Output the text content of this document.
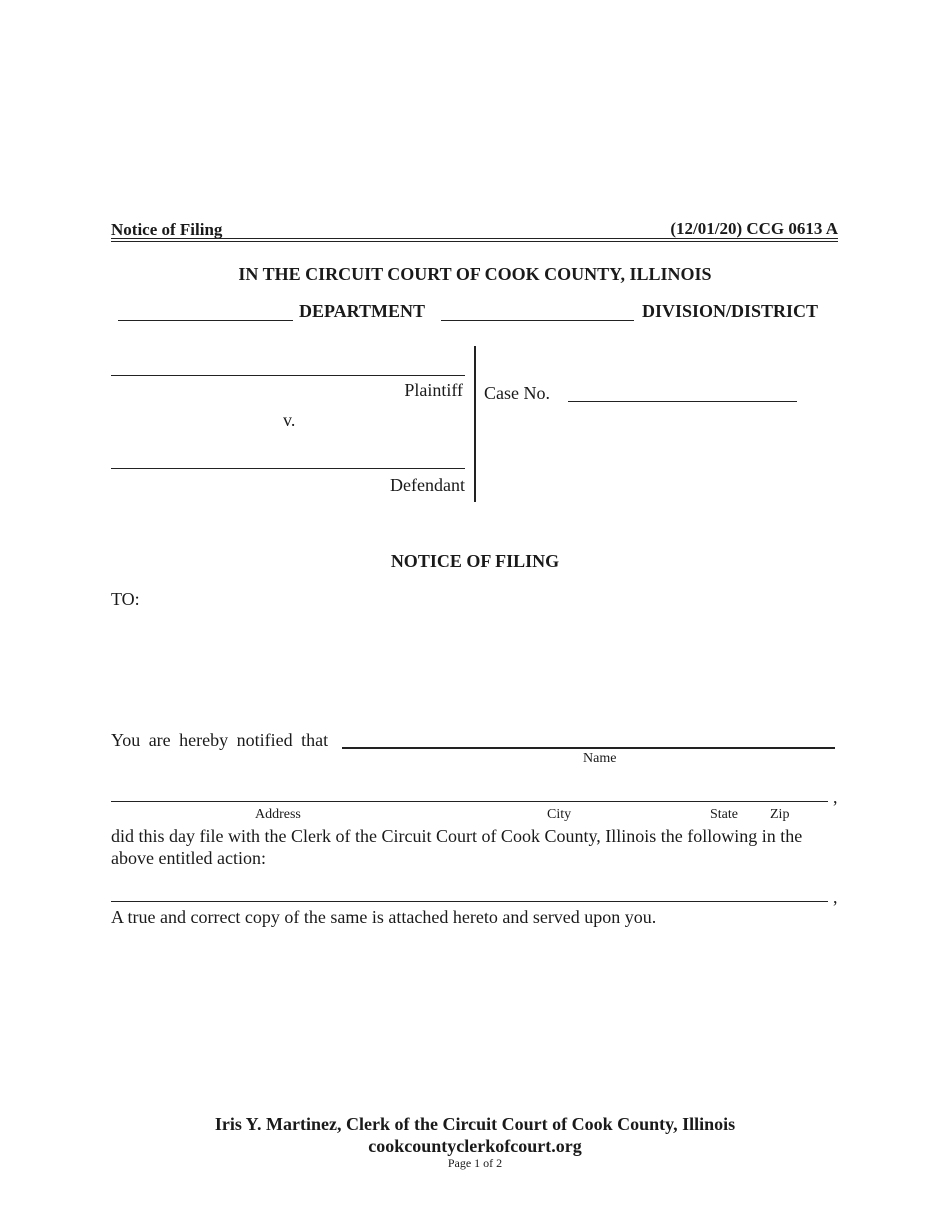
Notice of Filing	(12/01/20) CCG 0613 A
IN THE CIRCUIT COURT OF COOK COUNTY, ILLINOIS
DEPARTMENT	DIVISION/DISTRICT
Plaintiff
v.
Defendant
Case No.
NOTICE OF FILING
TO:
You are hereby notified that
Name
,
Address	City	State Zip
did this day file with the Clerk of the Circuit Court of Cook County, Illinois the following in the
above entitled action:
,
A true and correct copy of the same is attached hereto and served upon you.
Iris Y. Martinez, Clerk of the Circuit Court of Cook County, Illinois
cookcountyclerkofcourt.org
Page 1 of 2
